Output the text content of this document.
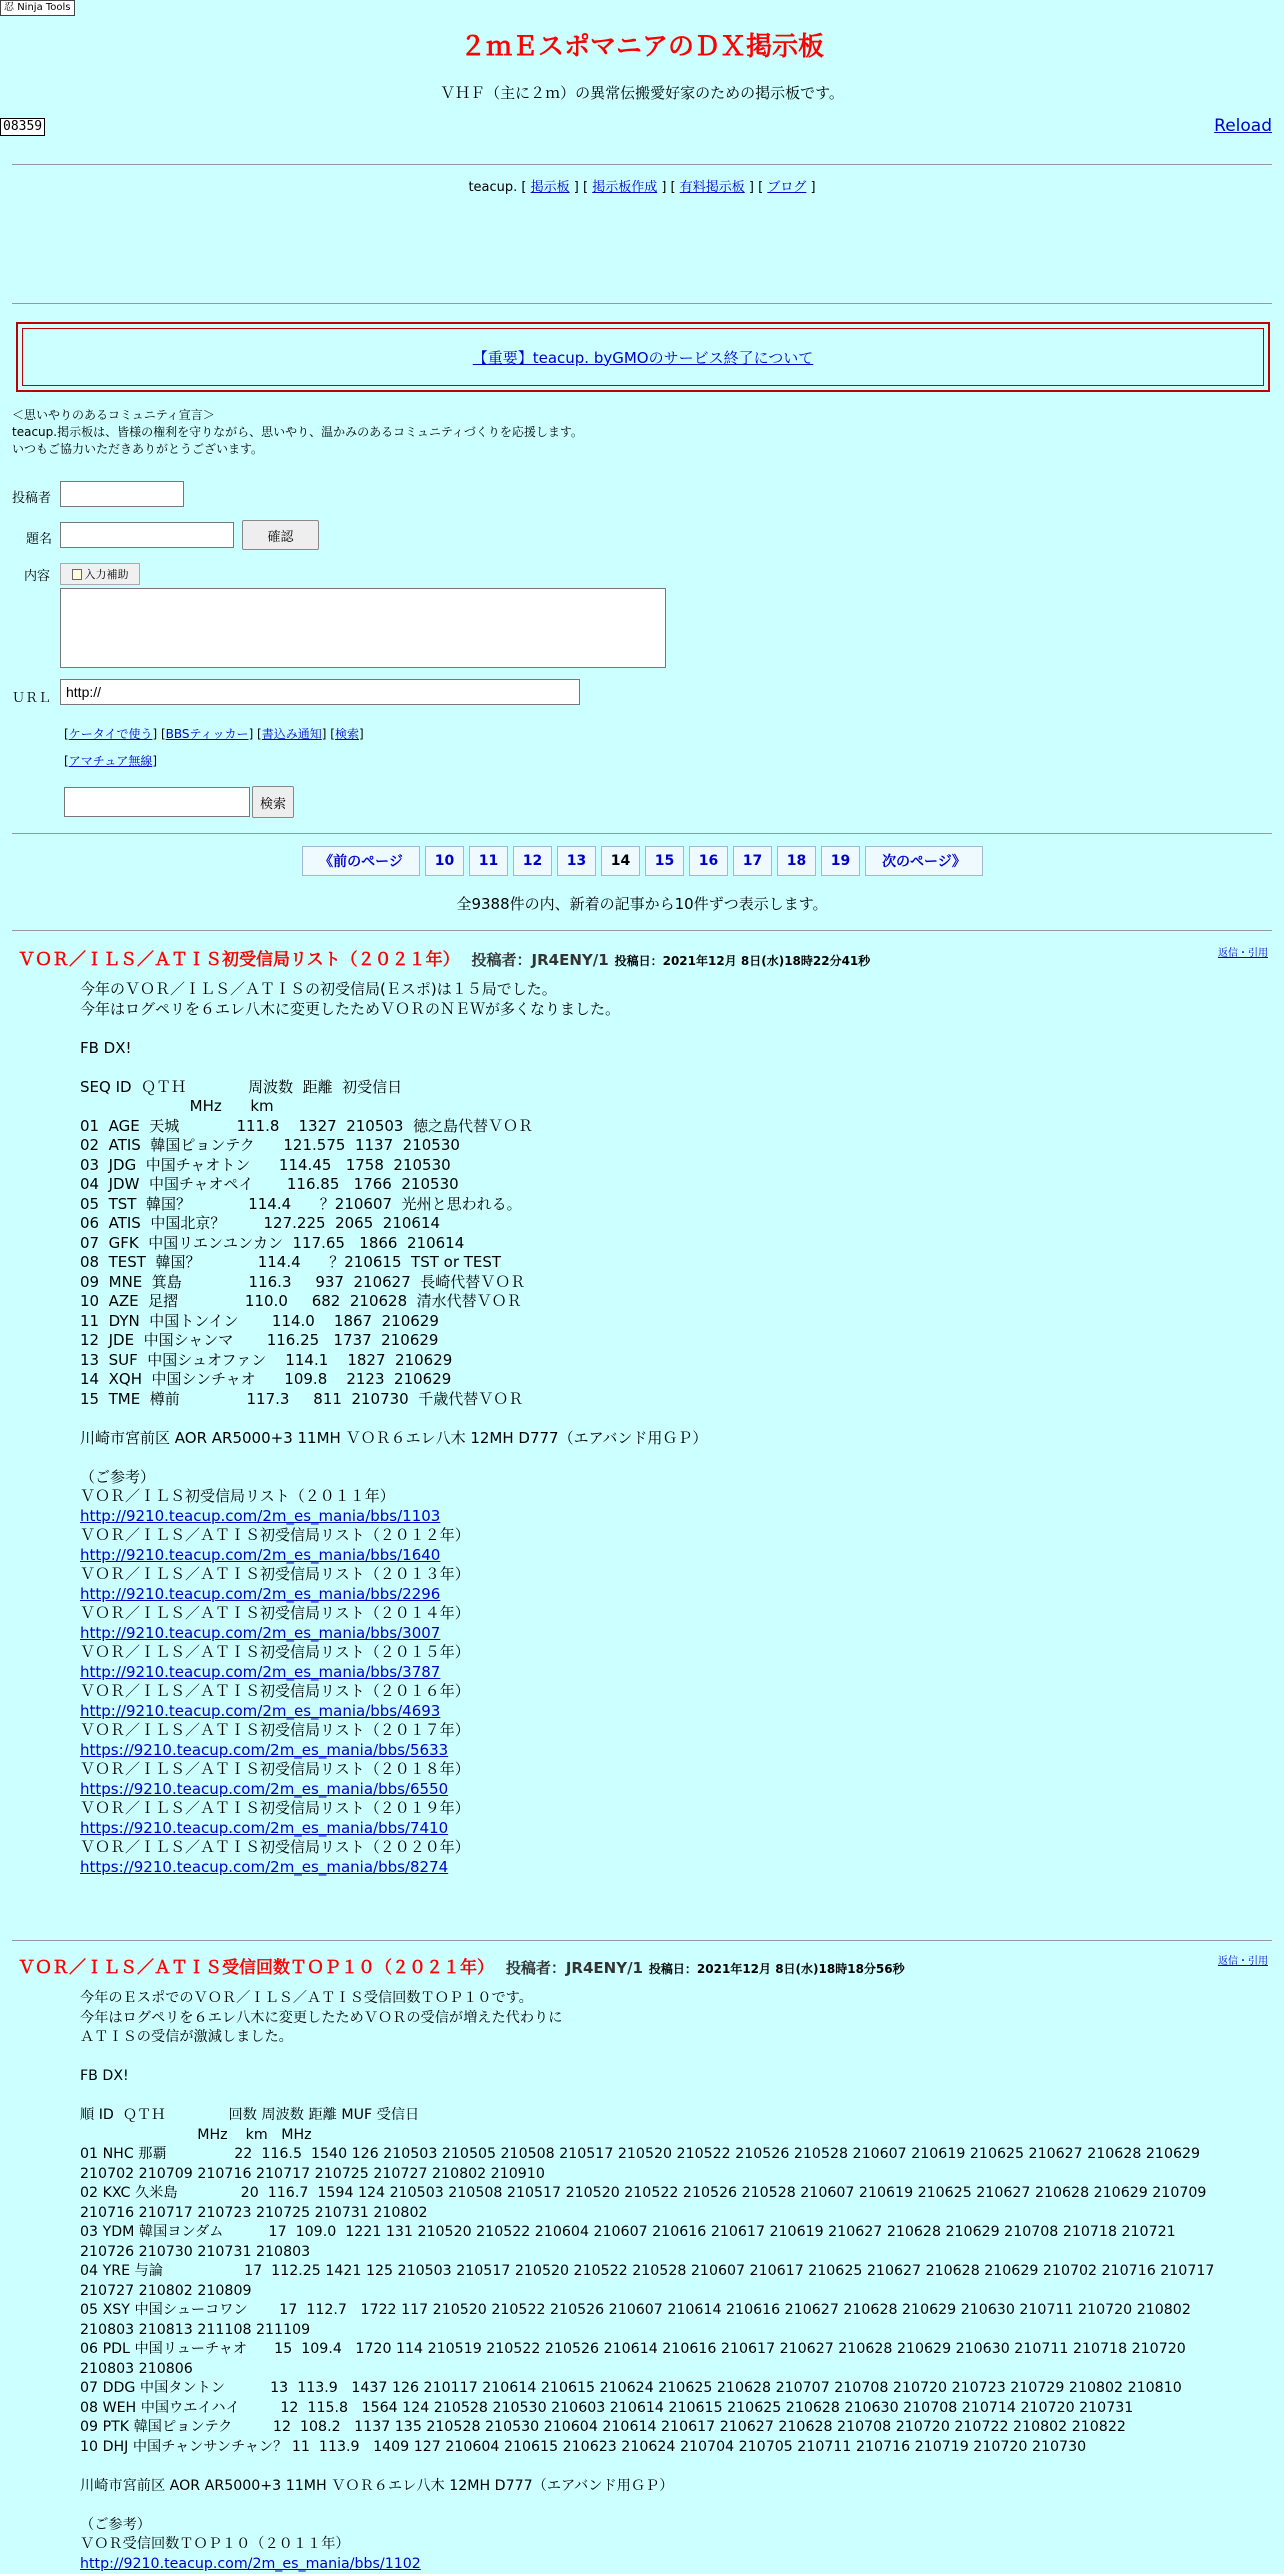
忍 Ninja Tools
２ｍＥスポマニアのＤＸ掲示板
ＶＨＦ（主に２ｍ）の異常伝搬愛好家のための掲示板です。
08359	Reload
teacup. [ 掲示板 ] [ 掲示板作成 ] [ 有料掲示板 ] [ ブログ ]
【重要】teacup. byGMOのサービス終了について
＜思いやりのあるコミュニティ宣言＞
teacup.掲示板は、皆様の権利を守りながら、思いやり、温かみのあるコミュニティづくりを応援します。
いつもご協力いただきありがとうございます。
投稿者
題名	確認
内容	入力補助
ＵＲＬ
http://
[ケータイで使う] [BBSティッカー] [書込み通知] [検索]
[アマチュア無線]
検索
《前のページ	10	11	12	13	14	15	16	17	18	19	次のページ》
全9388件の内、新着の記事から10件ずつ表示します。
ＶＯＲ／ＩＬＳ／ＡＴＩＳ初受信局リスト（２０２１年） 投稿者：JR4ENY/1 投稿日：2021年12月 8日(水)18時22分41秒
返信・引用
今年のＶＯＲ／ＩＬＳ／ＡＴＩＳの初受信局(Ｅスポ)は１５局でした。
今年はログペリを６エレ八木に変更したためＶＯＲのＮＥＷが多くなりました。

FB DX!

SEQ ID  ＱＴＨ             周波数  距離  初受信日
MHz      km
01  AGE  天城            111.8    1327  210503  徳之島代替ＶＯＲ
02  ATIS  韓国ピョンテク      121.575  1137  210530
03  JDG  中国チャオトン      114.45   1758  210530
04  JDW  中国チャオペイ       116.85   1766  210530
05  TST  韓国？            114.4      ？210607  光州と思われる。
06  ATIS  中国北京？        127.225  2065  210614
07  GFK  中国リエンユンカン  117.65   1866  210614
08  TEST  韓国？            114.4      ？210615  TST or TEST
09  MNE  箕島              116.3     937  210627  長崎代替ＶＯＲ
10  AZE  足摺              110.0     682  210628  清水代替ＶＯＲ
11  DYN  中国トンイン       114.0    1867  210629
12  JDE  中国シャンマ       116.25   1737  210629
13  SUF  中国シュオファン    114.1    1827  210629
14  XQH  中国シンチャオ      109.8    2123  210629
15  TME  樽前              117.3     811  210730  千歳代替ＶＯＲ

川崎市宮前区 AOR AR5000+3 11MH ＶＯＲ６エレ八木 12MH D777（エアバンド用ＧＰ）

（ご参考）
ＶＯＲ／ＩＬＳ初受信局リスト（２０１１年）
http://9210.teacup.com/2m_es_mania/bbs/1103
ＶＯＲ／ＩＬＳ／ＡＴＩＳ初受信局リスト（２０１２年）
http://9210.teacup.com/2m_es_mania/bbs/1640
ＶＯＲ／ＩＬＳ／ＡＴＩＳ初受信局リスト（２０１３年）
http://9210.teacup.com/2m_es_mania/bbs/2296
ＶＯＲ／ＩＬＳ／ＡＴＩＳ初受信局リスト（２０１４年）
http://9210.teacup.com/2m_es_mania/bbs/3007
ＶＯＲ／ＩＬＳ／ＡＴＩＳ初受信局リスト（２０１５年）
http://9210.teacup.com/2m_es_mania/bbs/3787
ＶＯＲ／ＩＬＳ／ＡＴＩＳ初受信局リスト（２０１６年）
http://9210.teacup.com/2m_es_mania/bbs/4693
ＶＯＲ／ＩＬＳ／ＡＴＩＳ初受信局リスト（２０１７年）
https://9210.teacup.com/2m_es_mania/bbs/5633
ＶＯＲ／ＩＬＳ／ＡＴＩＳ初受信局リスト（２０１８年）
https://9210.teacup.com/2m_es_mania/bbs/6550
ＶＯＲ／ＩＬＳ／ＡＴＩＳ初受信局リスト（２０１９年）
https://9210.teacup.com/2m_es_mania/bbs/7410
ＶＯＲ／ＩＬＳ／ＡＴＩＳ初受信局リスト（２０２０年）
https://9210.teacup.com/2m_es_mania/bbs/8274
ＶＯＲ／ＩＬＳ／ＡＴＩＳ受信回数ＴＯＰ１０（２０２１年） 投稿者：JR4ENY/1 投稿日：2021年12月 8日(水)18時18分56秒
返信・引用
今年のＥスポでのＶＯＲ／ＩＬＳ／ＡＴＩＳ受信回数ＴＯＰ１０です。
今年はログペリを６エレ八木に変更したためＶＯＲの受信が増えた代わりに
ＡＴＩＳの受信が激減しました。

FB DX!

順 ID  ＱＴＨ              回数 周波数 距離 MUF 受信日
MHz    km   MHz
01 NHC 那覇               22  116.5  1540 126 210503 210505 210508 210517 210520 210522 210526 210528 210607 210619 210625 210627 210628 210629
210702 210709 210716 210717 210725 210727 210802 210910
02 KXC 久米島              20  116.7  1594 124 210503 210508 210517 210520 210522 210526 210528 210607 210619 210625 210627 210628 210629 210709
210716 210717 210723 210725 210731 210802
03 YDM 韓国ヨンダム          17  109.0  1221 131 210520 210522 210604 210607 210616 210617 210619 210627 210628 210629 210708 210718 210721
210726 210730 210731 210803
04 YRE 与論                  17  112.25 1421 125 210503 210517 210520 210522 210528 210607 210617 210625 210627 210628 210629 210702 210716 210717
210727 210802 210809
05 XSY 中国シューコワン       17  112.7   1722 117 210520 210522 210526 210607 210614 210616 210627 210628 210629 210630 210711 210720 210802
210803 210813 211108 211109
06 PDL 中国リューチャオ      15  109.4   1720 114 210519 210522 210526 210614 210616 210617 210627 210628 210629 210630 210711 210718 210720
210803 210806
07 DDG 中国タントン          13  113.9   1437 126 210117 210614 210615 210624 210625 210628 210707 210708 210720 210723 210729 210802 210810
08 WEH 中国ウエイハイ         12  115.8   1564 124 210528 210530 210603 210614 210615 210625 210628 210630 210708 210714 210720 210731
09 PTK 韓国ピョンテク         12  108.2   1137 135 210528 210530 210604 210614 210617 210627 210628 210708 210720 210722 210802 210822
10 DHJ 中国チャンサンチャン？ 11  113.9   1409 127 210604 210615 210623 210624 210704 210705 210711 210716 210719 210720 210730

川崎市宮前区 AOR AR5000+3 11MH ＶＯＲ６エレ八木 12MH D777（エアバンド用ＧＰ）

（ご参考）
ＶＯＲ受信回数ＴＯＰ１０（２０１１年）
http://9210.teacup.com/2m_es_mania/bbs/1102
